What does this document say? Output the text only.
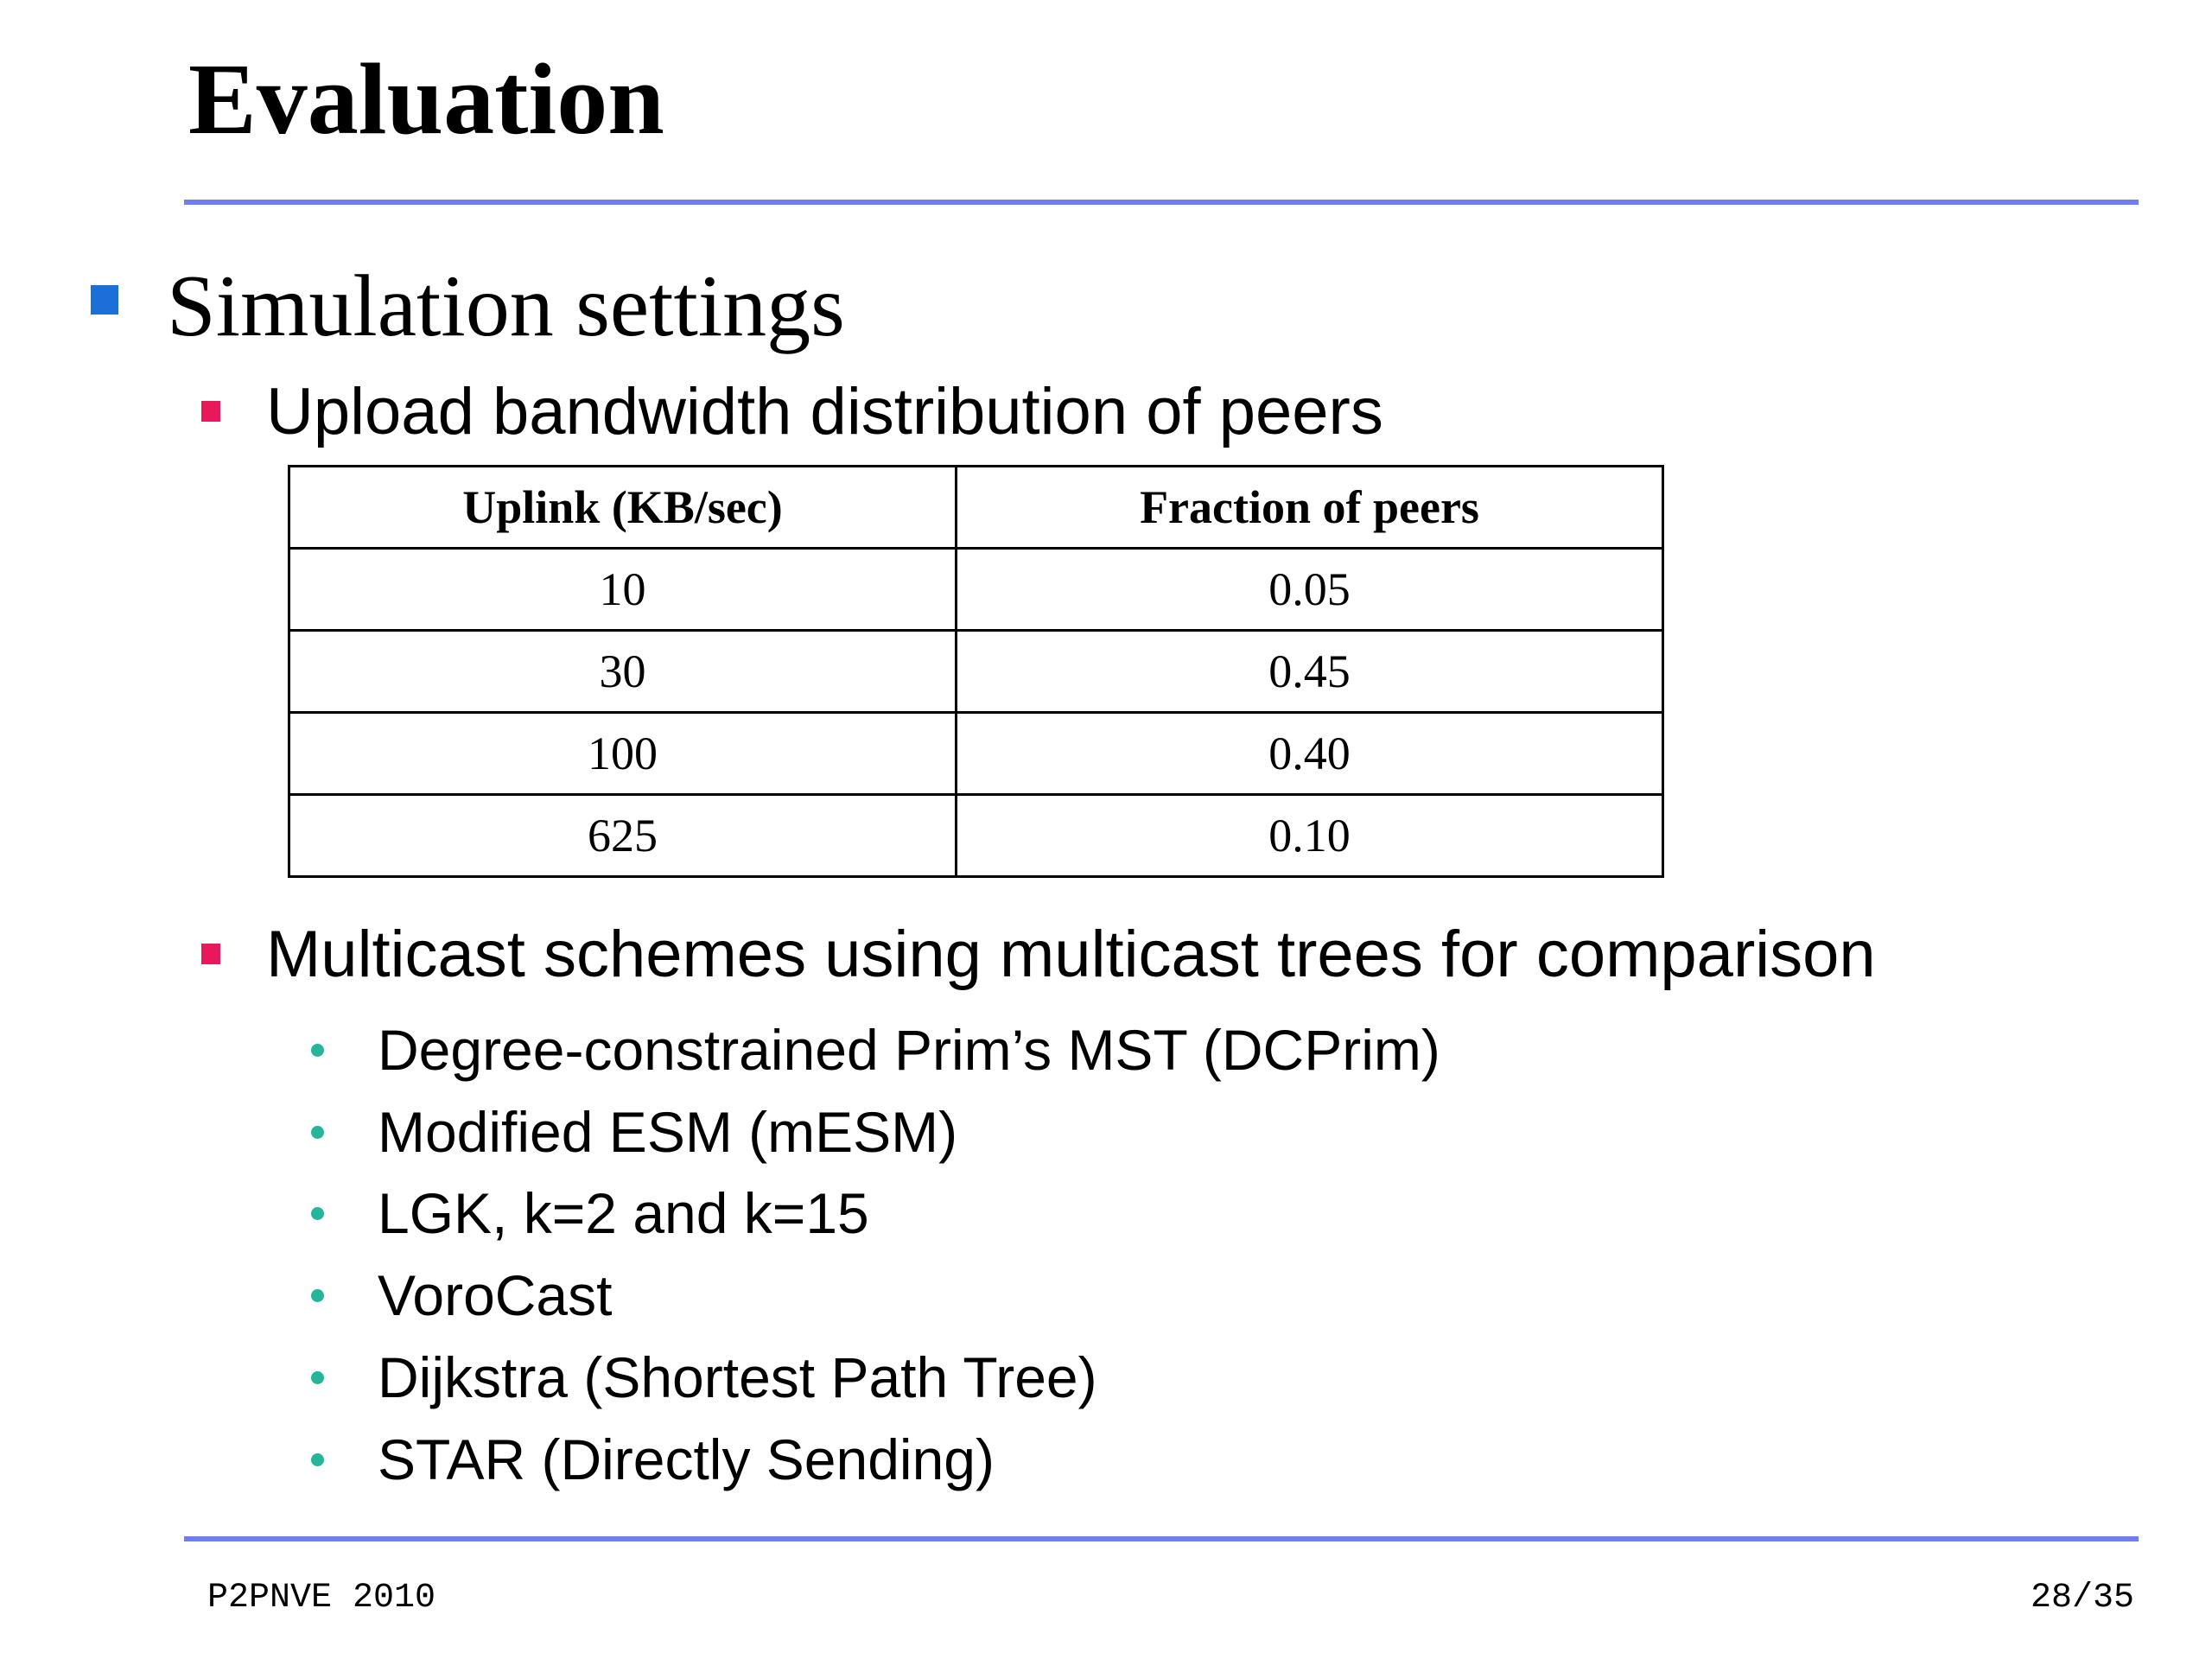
Evaluation
Simulation settings
Upload bandwidth distribution of peers
Uplink (KB/sec)	Fraction of peers
10	0.05
30	0.45
100	0.40
625	0.10
Multicast schemes using multicast trees for comparison
Degree-constrained Prim’s MST (DCPrim)
Modified ESM (mESM)
LGK, k=2 and k=15
VoroCast
Dijkstra (Shortest Path Tree)
STAR (Directly Sending)
P2PNVE 2010	28/35
